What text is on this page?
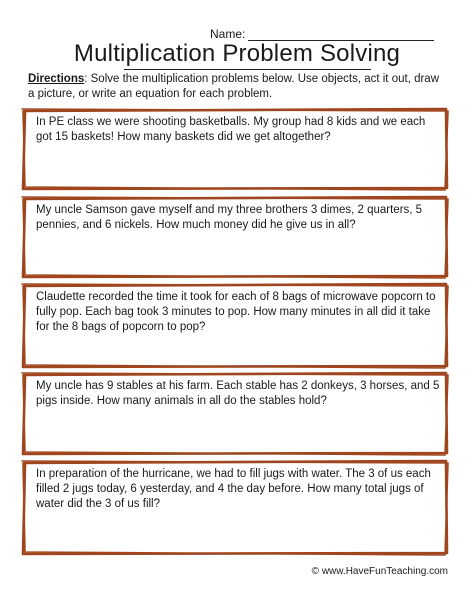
Name:
Multiplication Problem Solving
Directions: Solve the multiplication problems below. Use objects, act it out, draw a picture, or write an equation for each problem.
In PE class we were shooting basketballs. My group had 8 kids and we each got 15 baskets! How many baskets did we get altogether?
My uncle Samson gave myself and my three brothers 3 dimes, 2 quarters, 5 pennies, and 6 nickels. How much money did he give us in all?
Claudette recorded the time it took for each of 8 bags of microwave popcorn to fully pop. Each bag took 3 minutes to pop. How many minutes in all did it take for the 8 bags of popcorn to pop?
My uncle has 9 stables at his farm. Each stable has 2 donkeys, 3 horses, and 5 pigs inside. How many animals in all do the stables hold?
In preparation of the hurricane, we had to fill jugs with water. The 3 of us each filled 2 jugs today, 6 yesterday, and 4 the day before. How many total jugs of water did the 3 of us fill?
© www.HaveFunTeaching.com
